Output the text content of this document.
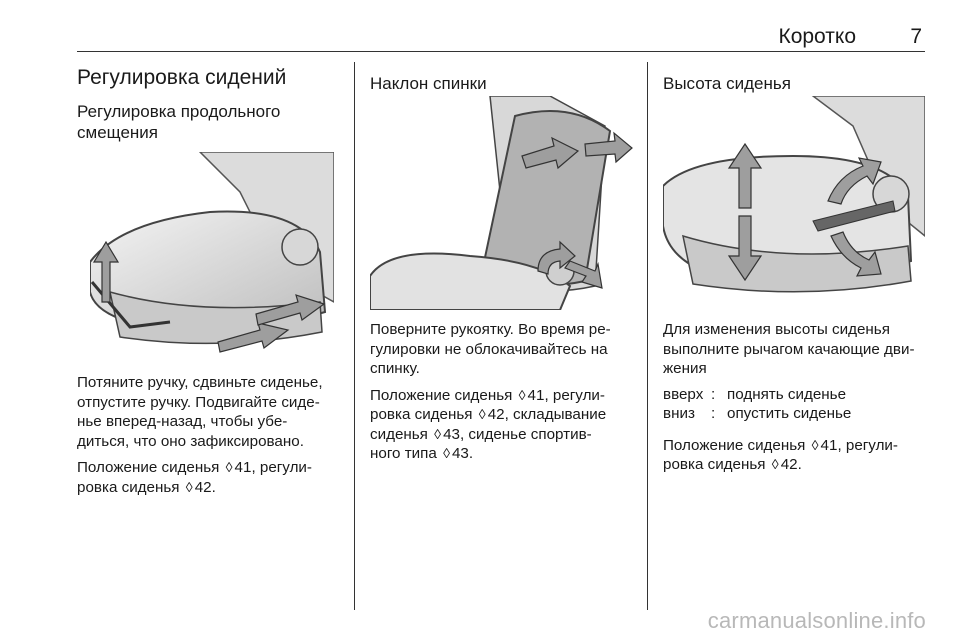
Коротко	7
Регулировка сидений
Регулировка продольного
смещения

Потяните ручку, сдвиньте сиденье,

отпустите ручку. Подвигайте сиде-

нье вперед-назад, чтобы убе-

диться, что оно зафиксировано.

Положение сиденья ◊ 41, регули-

ровка сиденья ◊ 42.

Наклон спинки

Поверните рукоятку. Во время ре-

гулировки не облокачивайтесь на

спинку.

Положение сиденья ◊ 41, регули-

ровка сиденья ◊ 42, складывание

сиденья ◊ 43, сиденье спортив-

ного типа ◊ 43.

Высота сиденья

Для изменения высоты сиденья

выполните рычагом качающие дви-

жения

вверх : поднять сиденье
вниз	: опустить сиденье

Положение сиденья ◊ 41, регули-

ровка сиденья ◊ 42.

carmanualsonline.info
